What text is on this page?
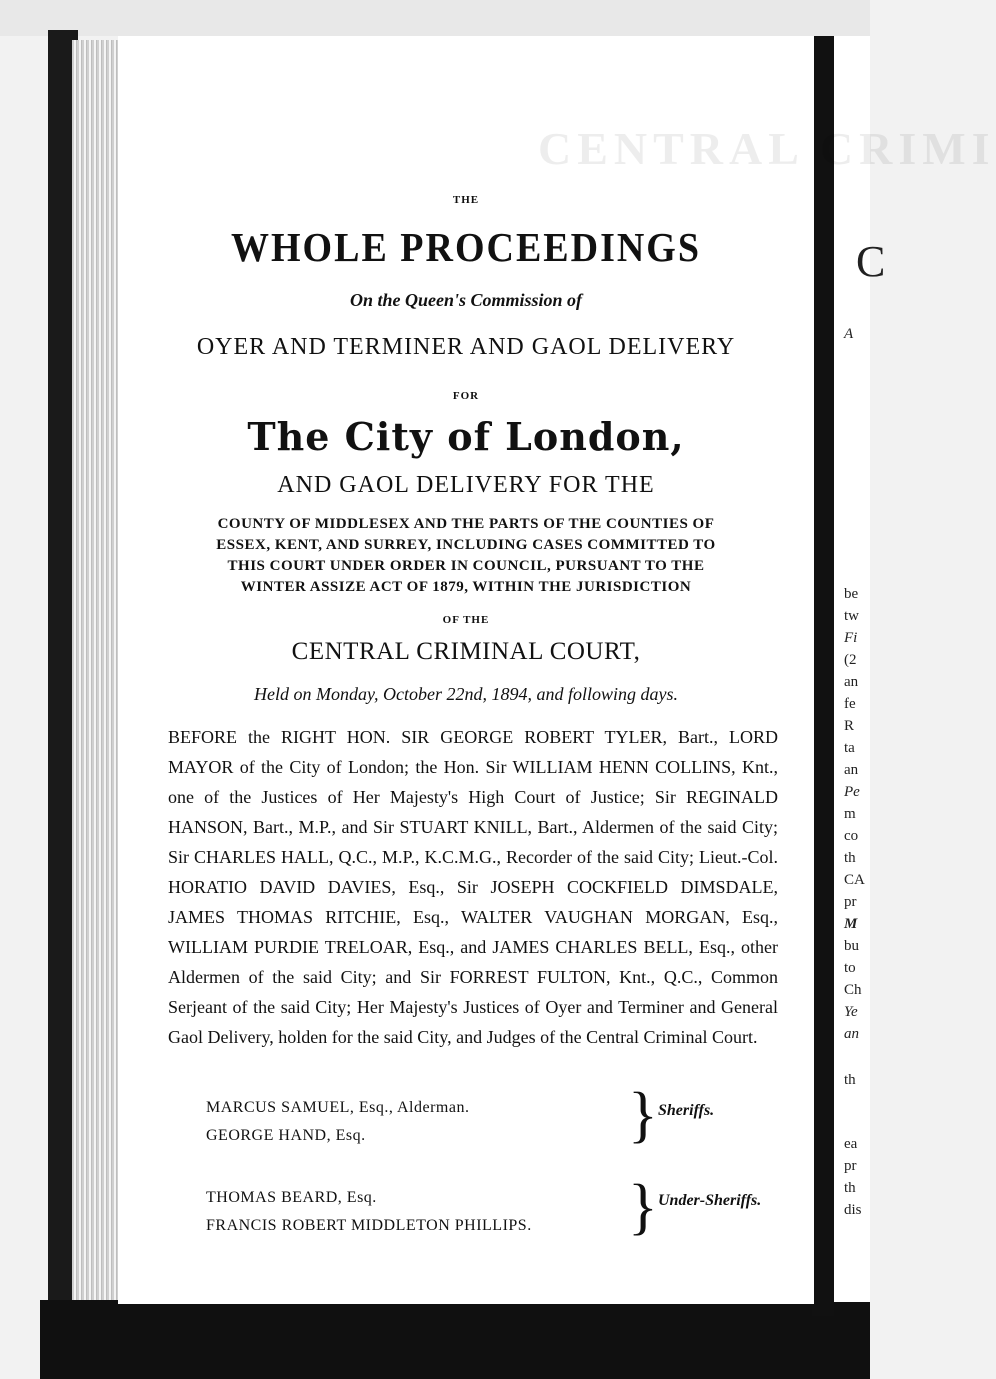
C
A
be
tw
Fi
(2
an
fe
R
ta
an
Pe
m
co
th
CA
pr
M
bu
to
Ch
Ye
an
th
ea
pr
th
dis
CENTRAL CRIMI
THE
WHOLE PROCEEDINGS
On the Queen's Commission of
OYER AND TERMINER AND GAOL DELIVERY
FOR
The City of London,
AND GAOL DELIVERY FOR THE
COUNTY OF MIDDLESEX AND THE PARTS OF THE COUNTIES OF
ESSEX, KENT, AND SURREY, INCLUDING CASES COMMITTED TO
THIS COURT UNDER ORDER IN COUNCIL, PURSUANT TO THE
WINTER ASSIZE ACT OF 1879, WITHIN THE JURISDICTION
OF THE
CENTRAL CRIMINAL COURT,
Held on Monday, October 22nd, 1894, and following days.
BEFORE the RIGHT HON. SIR GEORGE ROBERT TYLER, Bart., LORD MAYOR of the City of London; the Hon. Sir WILLIAM HENN COLLINS, Knt., one of the Justices of Her Majesty's High Court of Justice; Sir REGINALD HANSON, Bart., M.P., and Sir STUART KNILL, Bart., Aldermen of the said City; Sir CHARLES HALL, Q.C., M.P., K.C.M.G., Recorder of the said City; Lieut.-Col. HORATIO DAVID DAVIES, Esq., Sir JOSEPH COCKFIELD DIMSDALE, JAMES THOMAS RITCHIE, Esq., WALTER VAUGHAN MORGAN, Esq., WILLIAM PURDIE TRELOAR, Esq., and JAMES CHARLES BELL, Esq., other Aldermen of the said City; and Sir FORREST FULTON, Knt., Q.C., Common Serjeant of the said City; Her Majesty's Justices of Oyer and Terminer and General Gaol Delivery, holden for the said City, and Judges of the Central Criminal Court.
MARCUS SAMUEL, Esq., Alderman.
GEORGE HAND, Esq.	} Sheriffs.
THOMAS BEARD, Esq.
FRANCIS ROBERT MIDDLETON PHILLIPS. } Under-Sheriffs.
